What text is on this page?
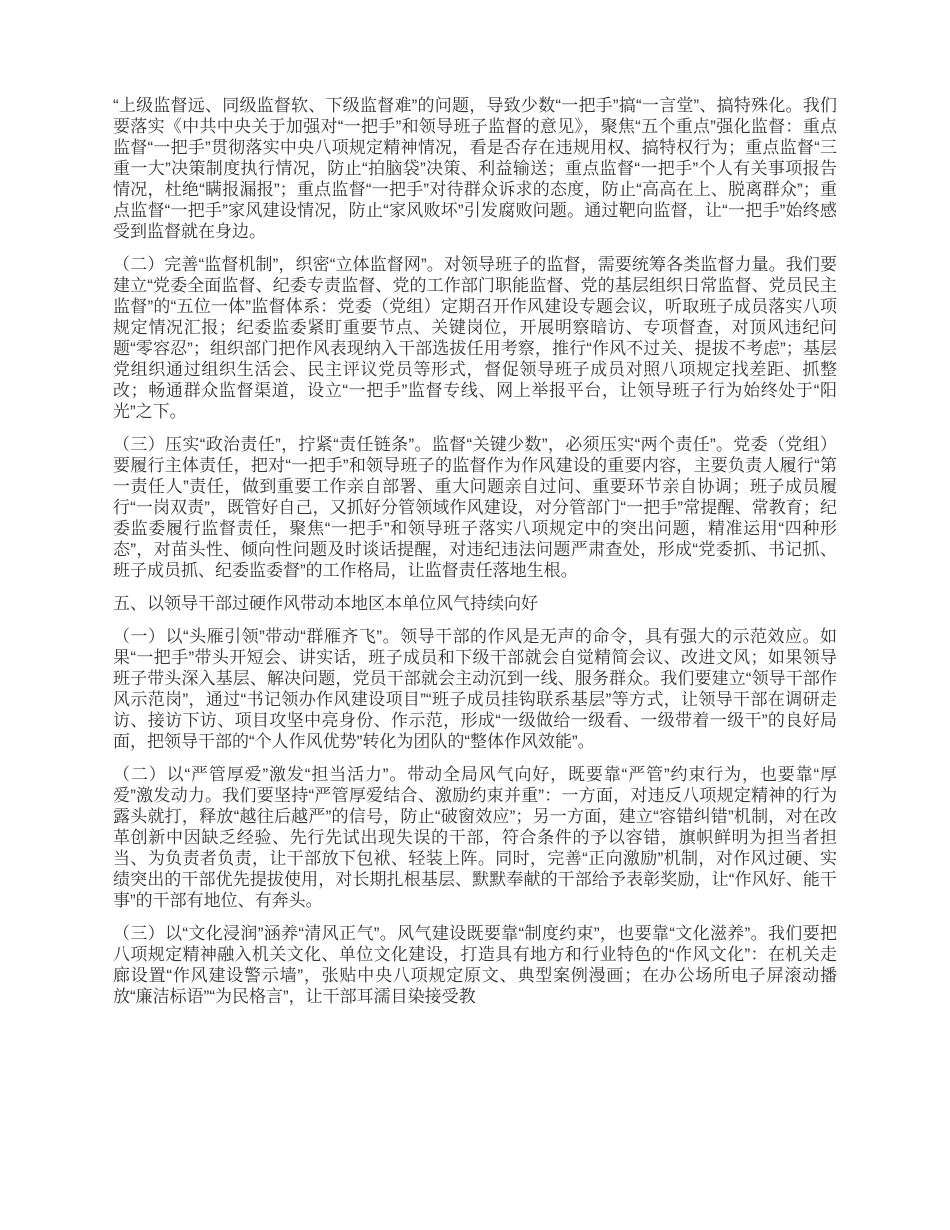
“上级监督远、同级监督软、下级监督难”的问题，导致少数“一把手”搞“一言堂”、搞特殊化。我们要落实《中共中央关于加强对“一把手”和领导班子监督的意见》，聚焦“五个重点”强化监督：重点监督“一把手”贯彻落实中央八项规定精神情况，看是否存在违规用权、搞特权行为；重点监督“三重一大”决策制度执行情况，防止“拍脑袋”决策、利益输送；重点监督“一把手”个人有关事项报告情况，杜绝“瞒报漏报”；重点监督“一把手”对待群众诉求的态度，防止“高高在上、脱离群众”；重点监督“一把手”家风建设情况，防止“家风败坏”引发腐败问题。通过靶向监督，让“一把手”始终感受到监督就在身边。

（二）完善“监督机制”，织密“立体监督网”。对领导班子的监督，需要统筹各类监督力量。我们要建立“党委全面监督、纪委专责监督、党的工作部门职能监督、党的基层组织日常监督、党员民主监督”的“五位一体”监督体系：党委（党组）定期召开作风建设专题会议，听取班子成员落实八项规定情况汇报；纪委监委紧盯重要节点、关键岗位，开展明察暗访、专项督查，对顶风违纪问题“零容忍”；组织部门把作风表现纳入干部选拔任用考察，推行“作风不过关、提拔不考虑”；基层党组织通过组织生活会、民主评议党员等形式，督促领导班子成员对照八项规定找差距、抓整改；畅通群众监督渠道，设立“一把手”监督专线、网上举报平台，让领导班子行为始终处于“阳光”之下。

（三）压实“政治责任”，拧紧“责任链条”。监督“关键少数”，必须压实“两个责任”。党委（党组）要履行主体责任，把对“一把手”和领导班子的监督作为作风建设的重要内容，主要负责人履行“第一责任人”责任，做到重要工作亲自部署、重大问题亲自过问、重要环节亲自协调；班子成员履行“一岗双责”，既管好自己，又抓好分管领域作风建设，对分管部门“一把手”常提醒、常教育；纪委监委履行监督责任，聚焦“一把手”和领导班子落实八项规定中的突出问题，精准运用“四种形态”，对苗头性、倾向性问题及时谈话提醒，对违纪违法问题严肃查处，形成“党委抓、书记抓、班子成员抓、纪委监委督”的工作格局，让监督责任落地生根。

五、以领导干部过硬作风带动本地区本单位风气持续向好

（一）以“头雁引领”带动“群雁齐飞”。领导干部的作风是无声的命令，具有强大的示范效应。如果“一把手”带头开短会、讲实话，班子成员和下级干部就会自觉精简会议、改进文风；如果领导班子带头深入基层、解决问题，党员干部就会主动沉到一线、服务群众。我们要建立“领导干部作风示范岗”，通过“书记领办作风建设项目”“班子成员挂钩联系基层”等方式，让领导干部在调研走访、接访下访、项目攻坚中亮身份、作示范，形成“一级做给一级看、一级带着一级干”的良好局面，把领导干部的“个人作风优势”转化为团队的“整体作风效能”。

（二）以“严管厚爱”激发“担当活力”。带动全局风气向好，既要靠“严管”约束行为，也要靠“厚爱”激发动力。我们要坚持“严管厚爱结合、激励约束并重”：一方面，对违反八项规定精神的行为露头就打，释放“越往后越严”的信号，防止“破窗效应”；另一方面，建立“容错纠错”机制，对在改革创新中因缺乏经验、先行先试出现失误的干部，符合条件的予以容错，旗帜鲜明为担当者担当、为负责者负责，让干部放下包袱、轻装上阵。同时，完善“正向激励”机制，对作风过硬、实绩突出的干部优先提拔使用，对长期扎根基层、默默奉献的干部给予表彰奖励，让“作风好、能干事”的干部有地位、有奔头。

（三）以“文化浸润”涵养“清风正气”。风气建设既要靠“制度约束”，也要靠“文化滋养”。我们要把八项规定精神融入机关文化、单位文化建设，打造具有地方和行业特色的“作风文化”：在机关走廊设置“作风建设警示墙”，张贴中央八项规定原文、典型案例漫画；在办公场所电子屏滚动播放“廉洁标语”“为民格言”，让干部耳濡目染接受教
